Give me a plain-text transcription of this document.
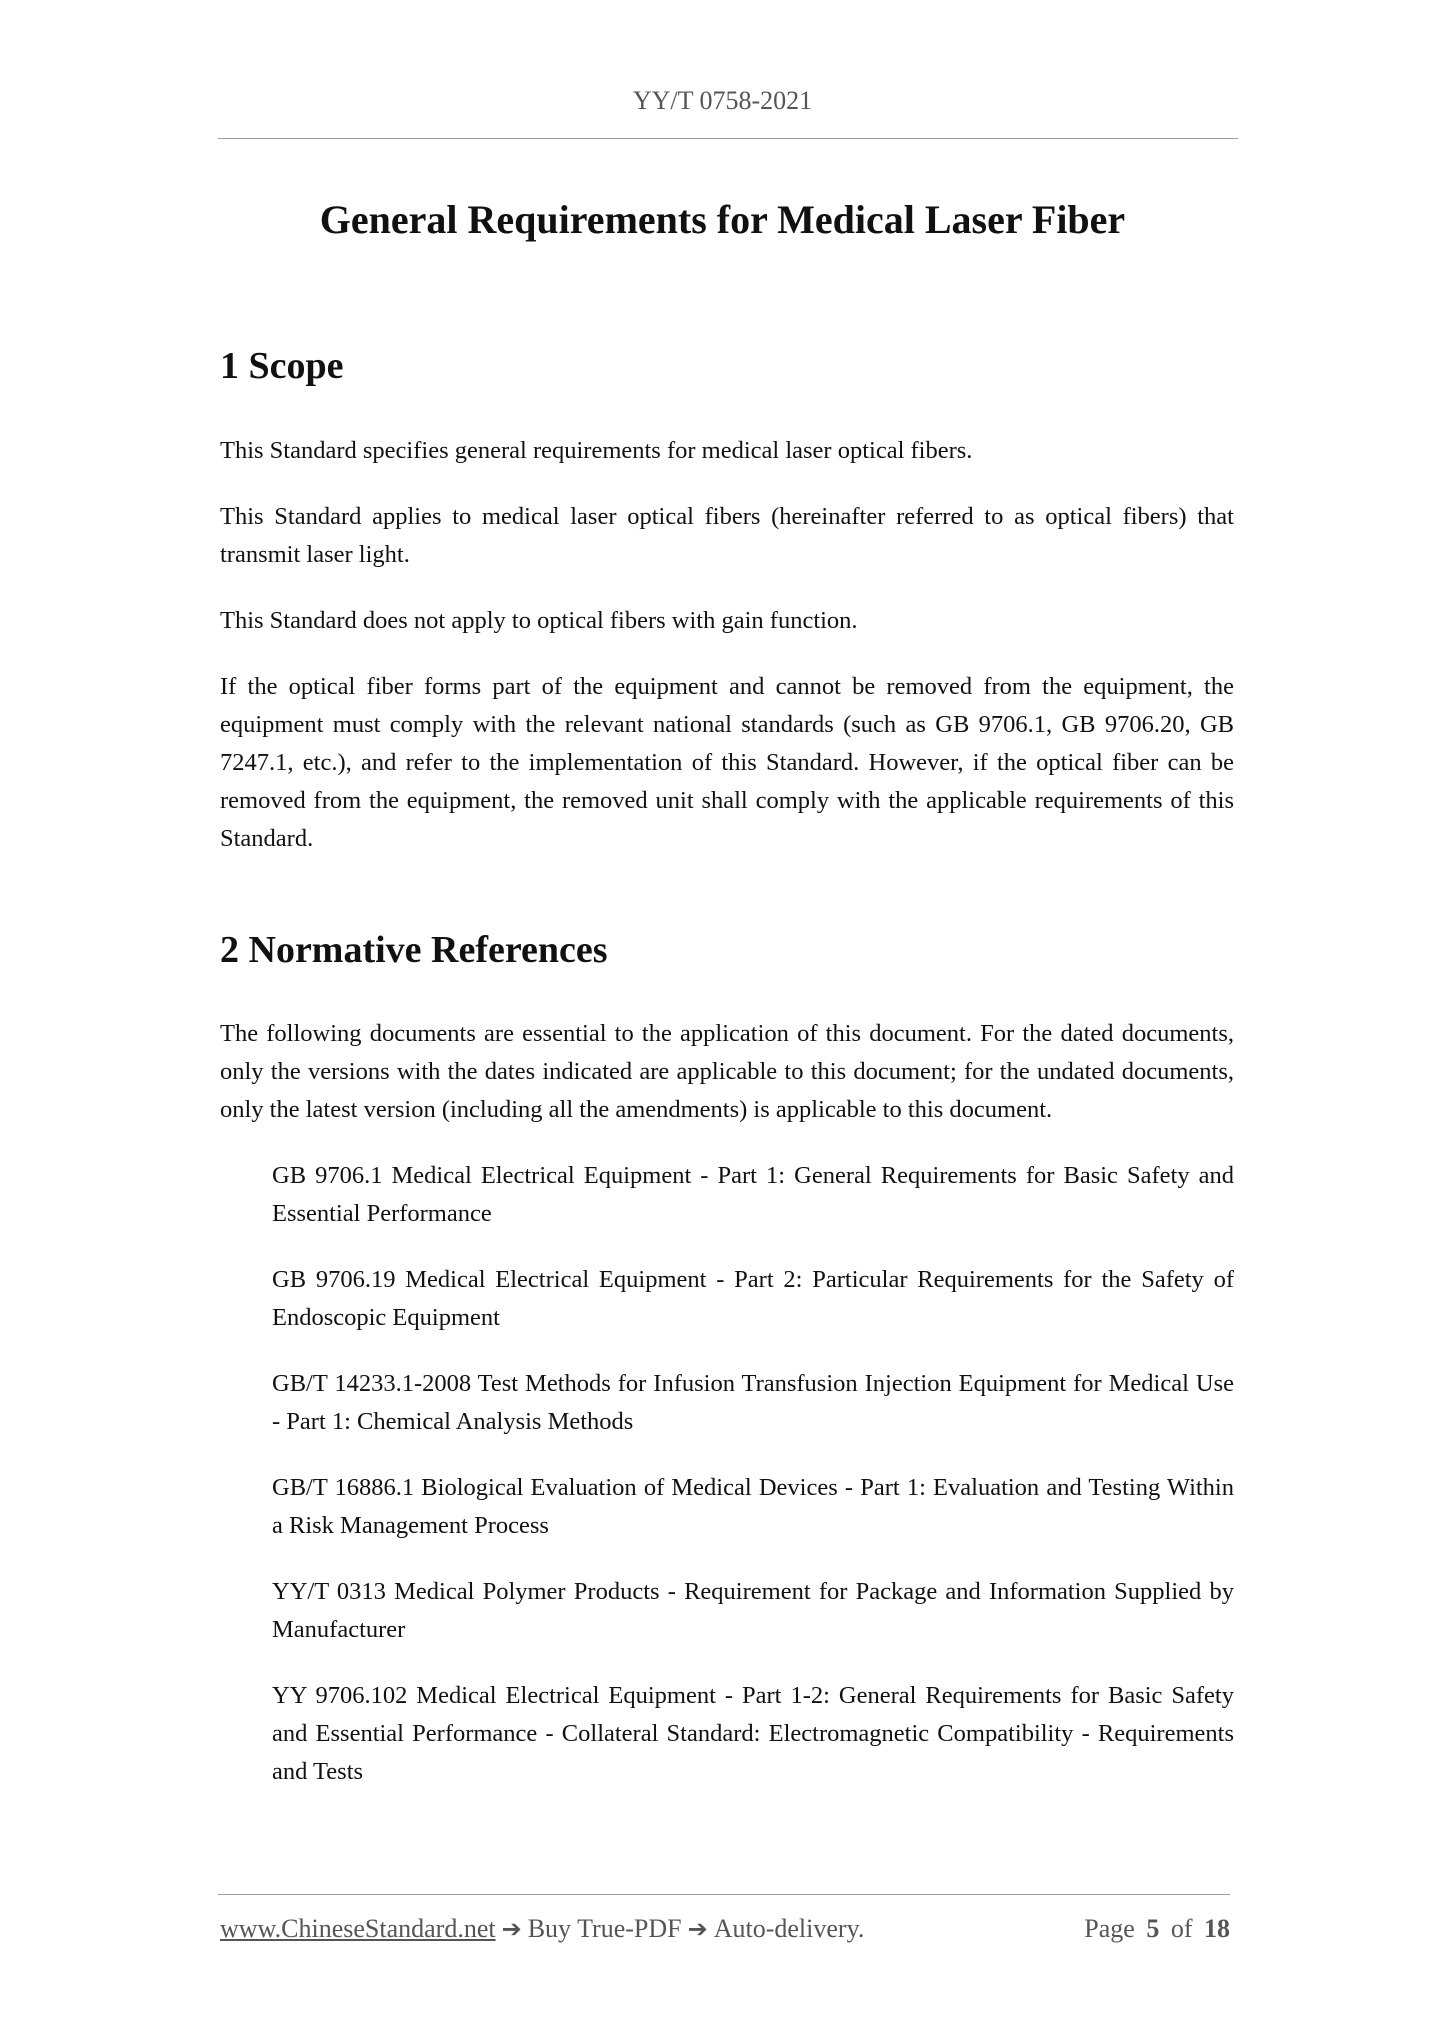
YY/T 0758-2021
General Requirements for Medical Laser Fiber
1 Scope

This Standard specifies general requirements for medical laser optical fibers.

This Standard applies to medical laser optical fibers (hereinafter referred to as optical fibers) that transmit laser light.

This Standard does not apply to optical fibers with gain function.

If the optical fiber forms part of the equipment and cannot be removed from the equipment, the equipment must comply with the relevant national standards (such as GB 9706.1, GB 9706.20, GB 7247.1, etc.), and refer to the implementation of this Standard. However, if the optical fiber can be removed from the equipment, the removed unit shall comply with the applicable requirements of this Standard.

2 Normative References

The following documents are essential to the application of this document. For the dated documents, only the versions with the dates indicated are applicable to this document; for the undated documents, only the latest version (including all the amendments) is applicable to this document.

GB 9706.1 Medical Electrical Equipment - Part 1: General Requirements for Basic Safety and Essential Performance
GB 9706.19 Medical Electrical Equipment - Part 2: Particular Requirements for the Safety of Endoscopic Equipment
GB/T 14233.1-2008 Test Methods for Infusion Transfusion Injection Equipment for Medical Use - Part 1: Chemical Analysis Methods
GB/T 16886.1 Biological Evaluation of Medical Devices - Part 1: Evaluation and Testing Within a Risk Management Process
YY/T 0313 Medical Polymer Products - Requirement for Package and Information Supplied by Manufacturer
YY 9706.102 Medical Electrical Equipment - Part 1-2: General Requirements for Basic Safety and Essential Performance - Collateral Standard: Electromagnetic Compatibility - Requirements and Tests
www.ChineseStandard.net ➔ Buy True-PDF ➔ Auto-delivery.	Page 5 of 18
